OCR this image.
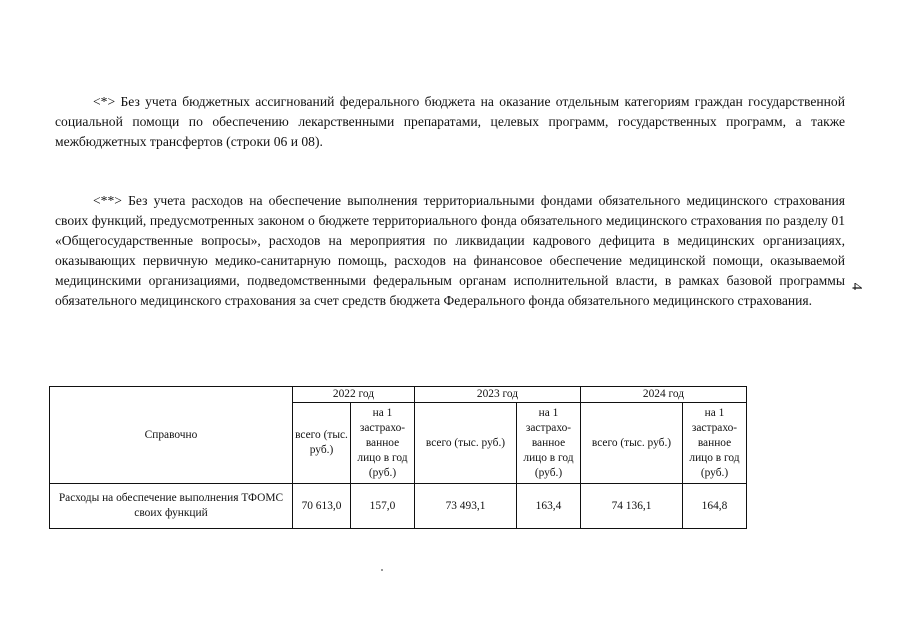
<*> Без учета бюджетных ассигнований федерального бюджета на оказание отдельным категориям граждан государственной социальной помощи по обеспечению лекарственными препаратами, целевых программ, государственных программ, а также межбюджетных трансфертов (строки 06 и 08).

<**> Без учета расходов на обеспечение выполнения территориальными фондами обязательного медицинского страхования своих функций, предусмотренных законом о бюджете территориального фонда обязательного медицинского страхования по разделу 01 «Общегосударственные вопросы», расходов на мероприятия по ликвидации кадрового дефицита в медицинских организациях, оказывающих первичную медико-санитарную помощь, расходов на финансовое обеспечение медицинской помощи, оказываемой медицинскими организациями, подведомственными федеральным органам исполнительной власти, в рамках базовой программы обязательного медицинского страхования за счет средств бюджета Федерального фонда обязательного медицинского страхования.

4
Справочно	2022 год		2023 год		2024 год	
	всего (тыс. руб.)	на 1 застрахо-ванное лицо в год (руб.)	всего (тыс. руб.)	на 1 застрахо-ванное лицо в год (руб.)	всего (тыс. руб.)	на 1 застрахо-ванное лицо в год (руб.)
Расходы на обеспечение выполнения ТФОМС своих функций	70 613,0	157,0	73 493,1	163,4	74 136,1	164,8
